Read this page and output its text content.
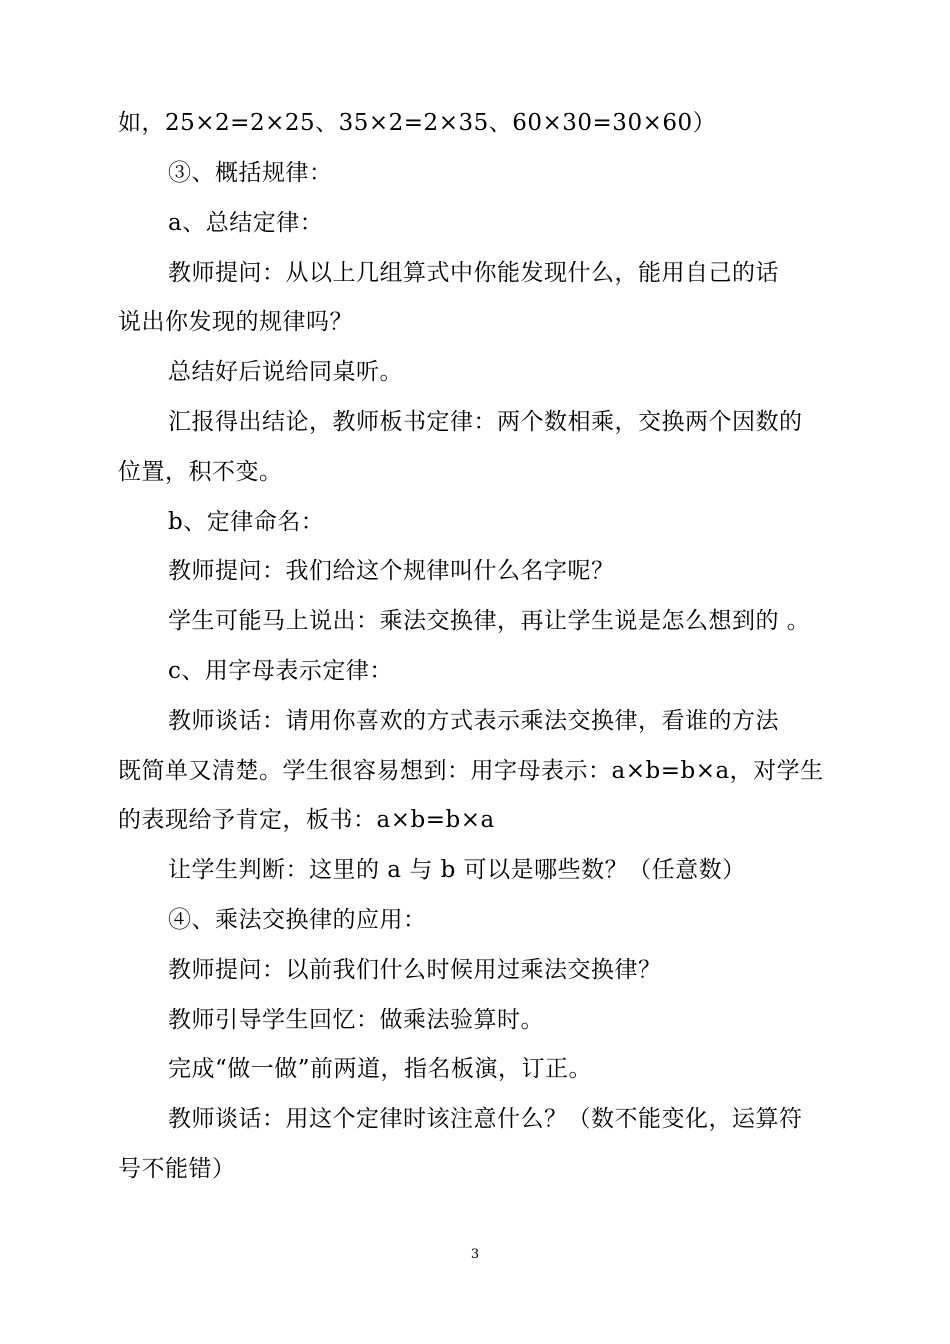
如，25×2=2×25、35×2=2×35、60×30=30×60）
③、概括规律：
a、总结定律：
教师提问：从以上几组算式中你能发现什么，能用自己的话
说出你发现的规律吗？
总结好后说给同桌听。
汇报得出结论，教师板书定律：两个数相乘，交换两个因数的
位置，积不变。
b、定律命名：
教师提问：我们给这个规律叫什么名字呢？
学生可能马上说出：乘法交换律，再让学生说是怎么想到的 。
c、用字母表示定律：
教师谈话：请用你喜欢的方式表示乘法交换律，看谁的方法
既简单又清楚。学生很容易想到：用字母表示：a×b=b×a，对学生
的表现给予肯定，板书：a×b=b×a
让学生判断：这里的 a 与 b 可以是哪些数？（任意数）
④、乘法交换律的应用：
教师提问：以前我们什么时候用过乘法交换律？
教师引导学生回忆：做乘法验算时。
完成“做一做”前两道，指名板演，订正。
教师谈话：用这个定律时该注意什么？（数不能变化，运算符
号不能错）
3
